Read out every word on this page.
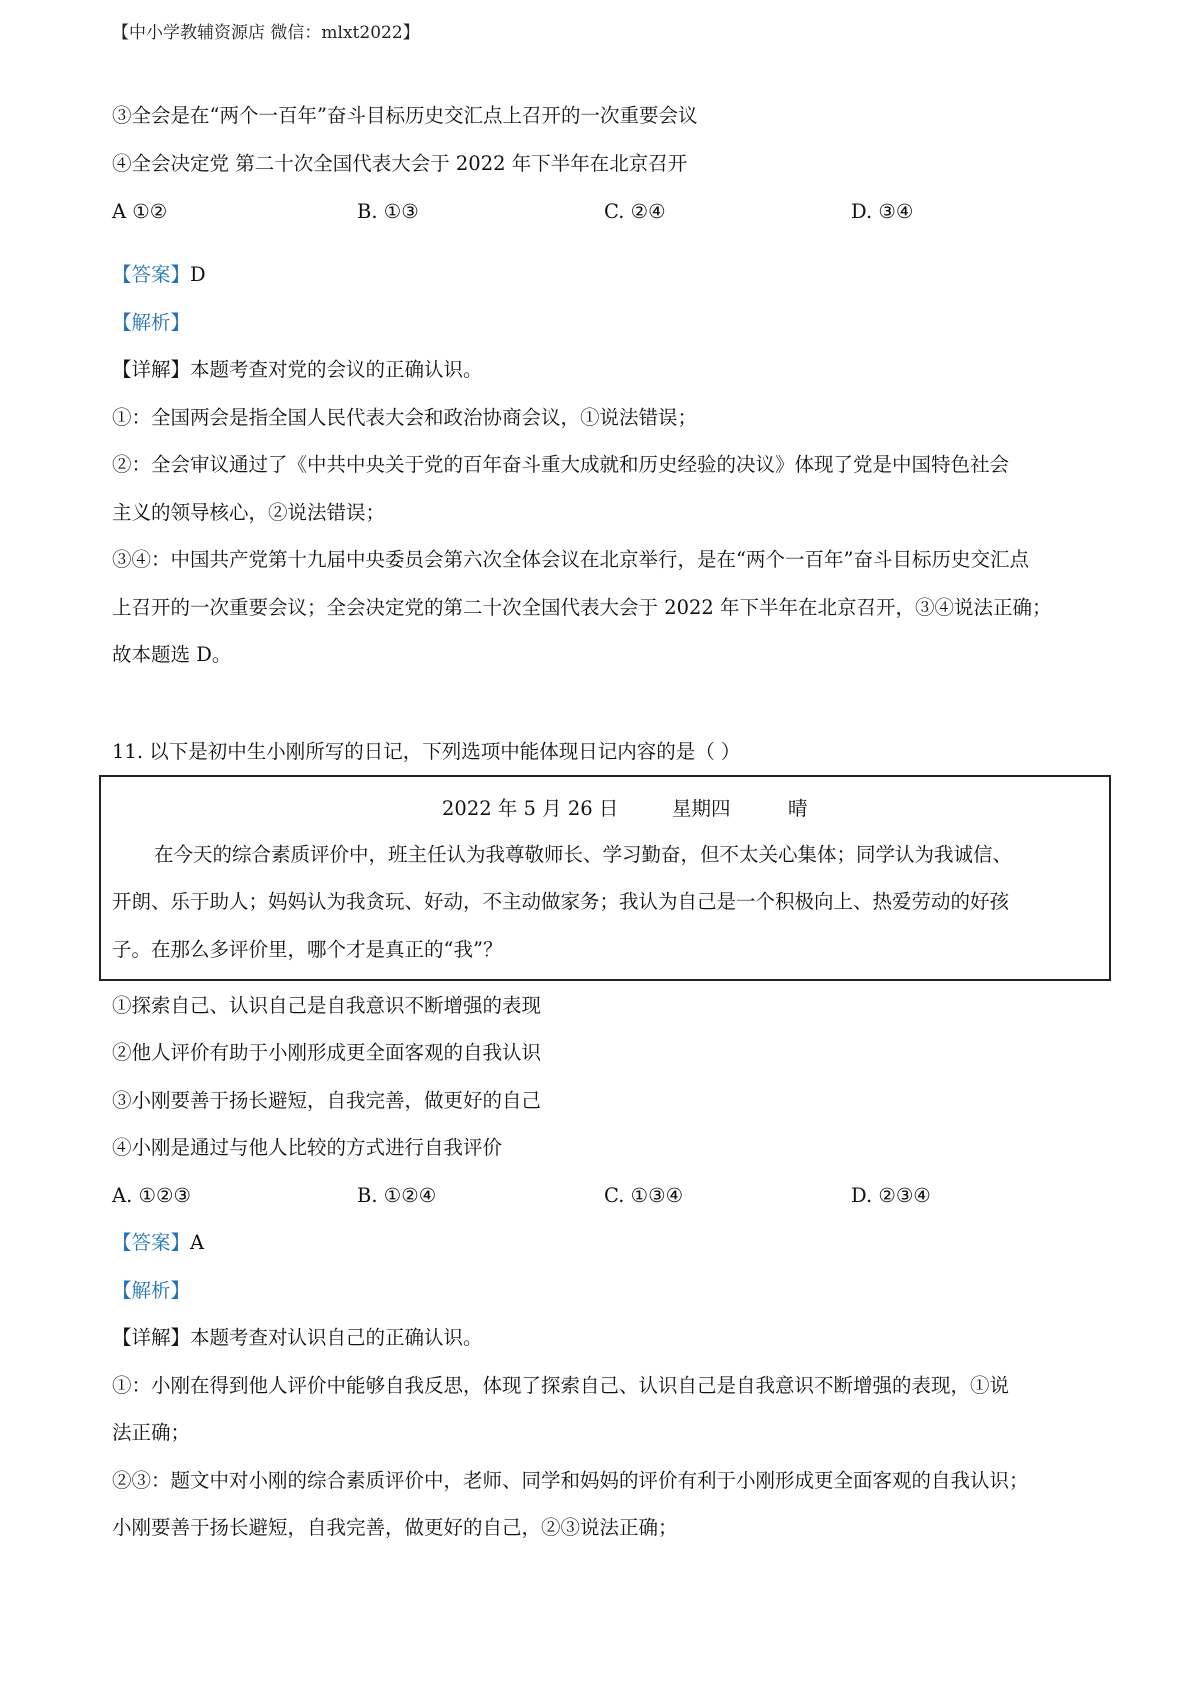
【中小学教辅资源店 微信：mlxt2022】
③全会是在“两个一百年”奋斗目标历史交汇点上召开的一次重要会议
④全会决定党 第二十次全国代表大会于 2022 年下半年在北京召开
A ①②	B. ①③	C. ②④	D. ③④
【答案】D
【解析】
【详解】本题考查对党的会议的正确认识。
①：全国两会是指全国人民代表大会和政治协商会议，①说法错误；
②：全会审议通过了《中共中央关于党的百年奋斗重大成就和历史经验的决议》体现了党是中国特色社会
主义的领导核心，②说法错误；
③④：中国共产党第十九届中央委员会第六次全体会议在北京举行，是在“两个一百年”奋斗目标历史交汇点
上召开的一次重要会议；全会决定党的第二十次全国代表大会于 2022 年下半年在北京召开，③④说法正确；
故本题选 D。
11. 以下是初中生小刚所写的日记，下列选项中能体现日记内容的是（ ）
2022 年 5 月 26 日	星期四	晴
在今天的综合素质评价中，班主任认为我尊敬师长、学习勤奋，但不太关心集体；同学认为我诚信、
开朗、乐于助人；妈妈认为我贪玩、好动，不主动做家务；我认为自己是一个积极向上、热爱劳动的好孩
子。在那么多评价里，哪个才是真正的“我”？
①探索自己、认识自己是自我意识不断增强的表现
②他人评价有助于小刚形成更全面客观的自我认识
③小刚要善于扬长避短，自我完善，做更好的自己
④小刚是通过与他人比较的方式进行自我评价
A. ①②③	B. ①②④	C. ①③④	D. ②③④
【答案】A
【解析】
【详解】本题考查对认识自己的正确认识。
①：小刚在得到他人评价中能够自我反思，体现了探索自己、认识自己是自我意识不断增强的表现，①说
法正确；
②③：题文中对小刚的综合素质评价中，老师、同学和妈妈的评价有利于小刚形成更全面客观的自我认识；
小刚要善于扬长避短，自我完善，做更好的自己，②③说法正确；
